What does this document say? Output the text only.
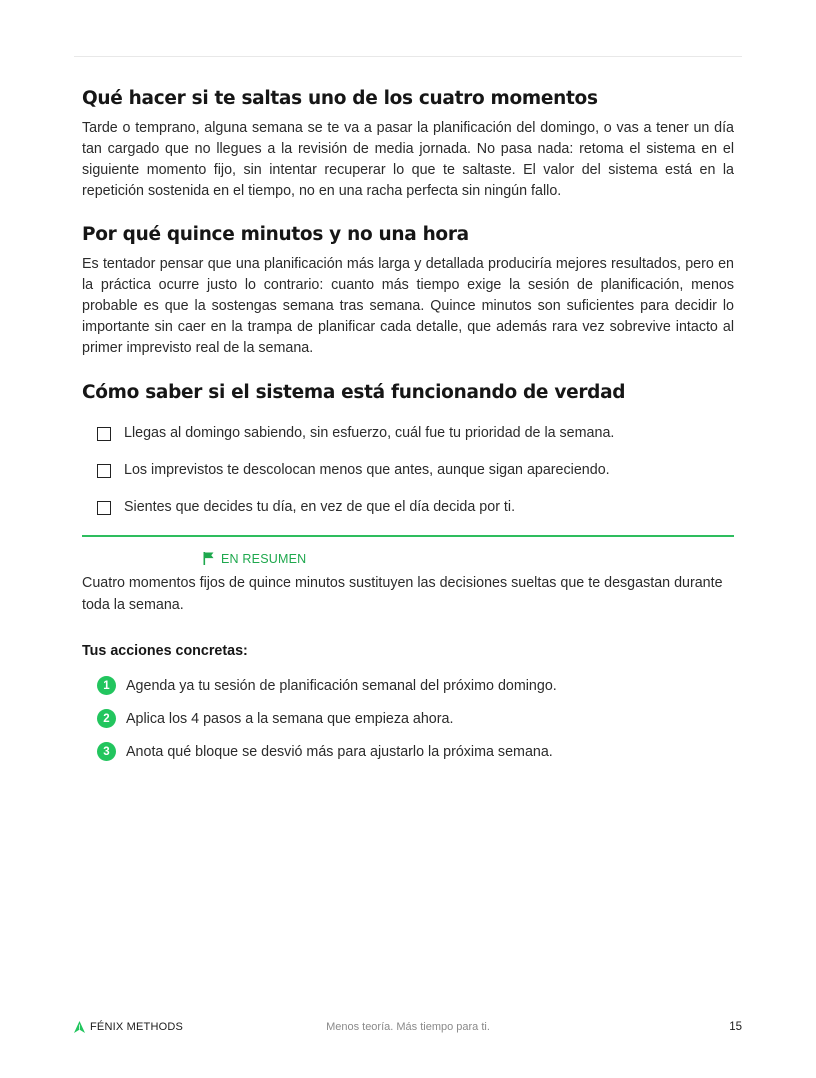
Qué hacer si te saltas uno de los cuatro momentos

Tarde o temprano, alguna semana se te va a pasar la planificación del domingo, o vas a tener un día tan cargado que no llegues a la revisión de media jornada. No pasa nada: retoma el sistema en el siguiente momento fijo, sin intentar recuperar lo que te saltaste. El valor del sistema está en la repetición sostenida en el tiempo, no en una racha perfecta sin ningún fallo.

Por qué quince minutos y no una hora

Es tentador pensar que una planificación más larga y detallada produciría mejores resultados, pero en la práctica ocurre justo lo contrario: cuanto más tiempo exige la sesión de planificación, menos probable es que la sostengas semana tras semana. Quince minutos son suficientes para decidir lo importante sin caer en la trampa de planificar cada detalle, que además rara vez sobrevive intacto al primer imprevisto real de la semana.

Cómo saber si el sistema está funcionando de verdad
Llegas al domingo sabiendo, sin esfuerzo, cuál fue tu prioridad de la semana.
Los imprevistos te descolocan menos que antes, aunque sigan apareciendo.
Sientes que decides tu día, en vez de que el día decida por ti.
EN RESUMEN

Cuatro momentos fijos de quince minutos sustituyen las decisiones sueltas que te desgastan durante toda la semana.

Tus acciones concretas:

1	Agenda ya tu sesión de planificación semanal del próximo domingo.
2	Aplica los 4 pasos a la semana que empieza ahora.
3	Anota qué bloque se desvió más para ajustarlo la próxima semana.
FÉNIX METHODS	Menos teoría. Más tiempo para ti.	15
